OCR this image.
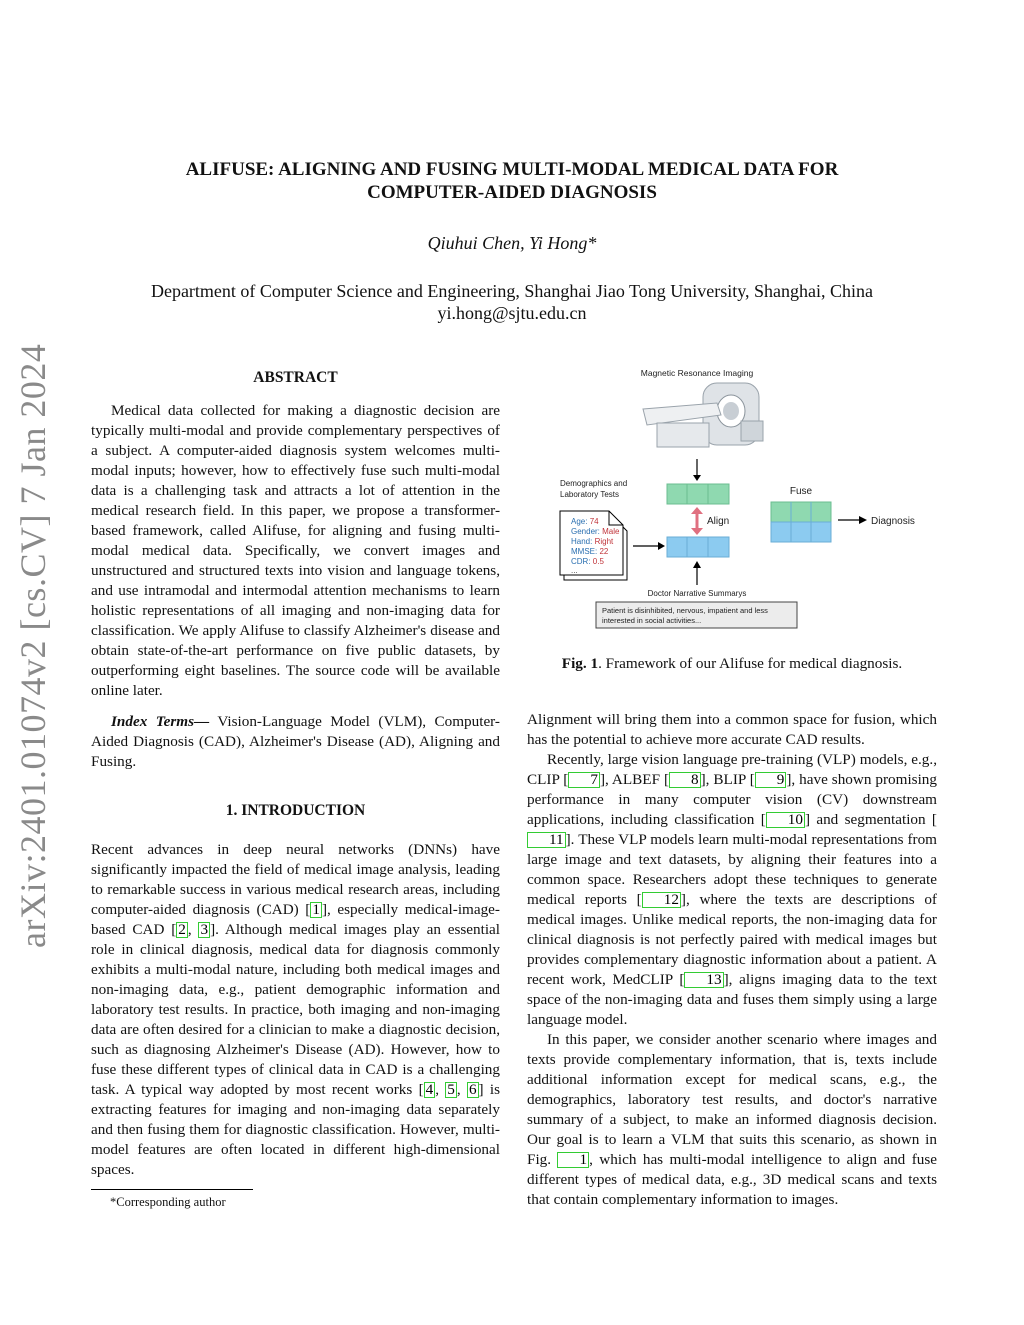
ALIFUSE: ALIGNING AND FUSING MULTI-MODAL MEDICAL DATA FOR
COMPUTER-AIDED DIAGNOSIS
Qiuhui Chen, Yi Hong*
Department of Computer Science and Engineering, Shanghai Jiao Tong University, Shanghai, China
yi.hong@sjtu.edu.cn
arXiv:2401.01074v2 [cs.CV] 7 Jan 2024	ABSTRACT

Medical data collected for making a diagnostic decision are typically multi-modal and provide complementary perspectives of a subject. A computer-aided diagnosis system welcomes multi-modal inputs; however, how to effectively fuse such multi-modal data is a challenging task and attracts a lot of attention in the medical research field. In this paper, we propose a transformer-based framework, called Alifuse, for aligning and fusing multi-modal medical data. Specifically, we convert images and unstructured and structured texts into vision and language tokens, and use intramodal and intermodal attention mechanisms to learn holistic representations of all imaging and non-imaging data for classification. We apply Alifuse to classify Alzheimer's disease and obtain state-of-the-art performance on five public datasets, by outperforming eight baselines. The source code will be available online later.

Index Terms— Vision-Language Model (VLM), Computer-Aided Diagnosis (CAD), Alzheimer's Disease (AD), Aligning and Fusing.

1. INTRODUCTION

Recent advances in deep neural networks (DNNs) have significantly impacted the field of medical image analysis, leading to remarkable success in various medical research areas, including computer-aided diagnosis (CAD) [ 1 ], especially medical-image-based CAD [ 2 , 3 ]. Although medical images play an essential role in clinical diagnosis, medical data for diagnosis commonly exhibits a multi-modal nature, including both medical images and non-imaging data, e.g., patient demographic information and laboratory test results. In practice, both imaging and non-imaging data are often desired for a clinician to make a diagnostic decision, such as diagnosing Alzheimer's Disease (AD). However, how to fuse these different types of clinical data in CAD is a challenging task. A typical way adopted by most recent works [ 4 , 5 , 6 ] is extracting features for imaging and non-imaging data separately and then fusing them for diagnostic classification. However, multi-model features are often located in different high-dimensional spaces.

*Corresponding author
Magnetic Resonance Imaging
Demographics and
Laboratory Tests
Age: 74
Gender: Male
Hand: Right
MMSE: 22
CDR: 0.5
...
Align
Fuse
Diagnosis
Doctor Narrative Summarys
Patient is disinhibited, nervous, impatient and less
interested in social activities...
Fig. 1. Framework of our Alifuse for medical diagnosis.

Alignment will bring them into a common space for fusion, which has the potential to achieve more accurate CAD results.

Recently, large vision language pre-training (VLP) models, e.g., CLIP [ 7 ], ALBEF [ 8 ], BLIP [ 9 ], have shown promising performance in many computer vision (CV) downstream applications, including classification [ 10 ] and segmentation [11 ]. These VLP models learn multi-modal representations from large image and text datasets, by aligning their features into a common space. Researchers adopt these techniques to generate medical reports [ 12 ], where the texts are descriptions of medical images. Unlike medical reports, the non-imaging data for clinical diagnosis is not perfectly paired with medical images but provides complementary diagnostic information about a patient. A recent work, MedCLIP [ 13 ], aligns imaging data to the text space of the non-imaging data and fuses them simply using a large language model.

In this paper, we consider another scenario where images and texts provide complementary information, that is, texts include additional information except for medical scans, e.g., the demographics, laboratory test results, and doctor's narrative summary of a subject, to make an informed diagnosis decision. Our goal is to learn a VLM that suits this scenario, as shown in Fig. 1 , which has multi-modal intelligence to align and fuse different types of medical data, e.g., 3D medical scans and texts that contain complementary information to images.
